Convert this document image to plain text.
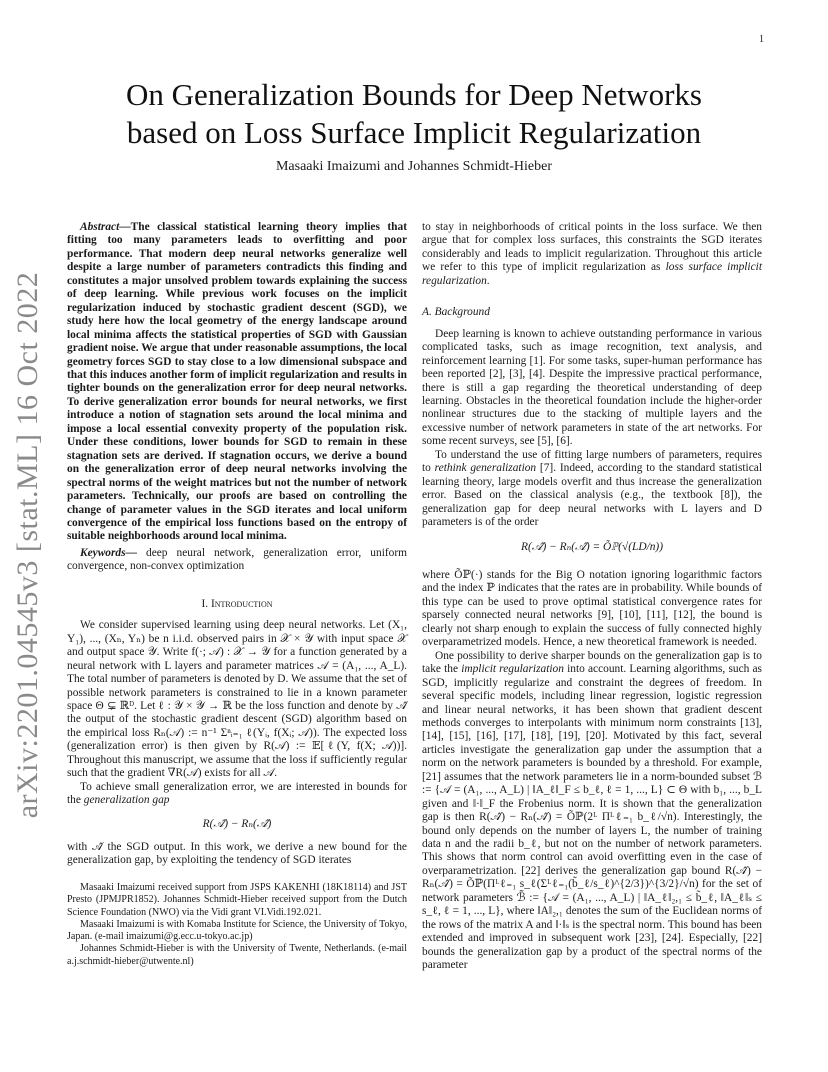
1
arXiv:2201.04545v3 [stat.ML] 16 Oct 2022
On Generalization Bounds for Deep Networks
based on Loss Surface Implicit Regularization
Masaaki Imaizumi and Johannes Schmidt-Hieber

Abstract—The classical statistical learning theory implies that fitting too many parameters leads to overfitting and poor performance. That modern deep neural networks generalize well despite a large number of parameters contradicts this finding and constitutes a major unsolved problem towards explaining the success of deep learning. While previous work focuses on the implicit regularization induced by stochastic gradient descent (SGD), we study here how the local geometry of the energy landscape around local minima affects the statistical properties of SGD with Gaussian gradient noise. We argue that under reasonable assumptions, the local geometry forces SGD to stay close to a low dimensional subspace and that this induces another form of implicit regularization and results in tighter bounds on the generalization error for deep neural networks. To derive generalization error bounds for neural networks, we first introduce a notion of stagnation sets around the local minima and impose a local essential convexity property of the population risk. Under these conditions, lower bounds for SGD to remain in these stagnation sets are derived. If stagnation occurs, we derive a bound on the generalization error of deep neural networks involving the spectral norms of the weight matrices but not the number of network parameters. Technically, our proofs are based on controlling the change of parameter values in the SGD iterates and local uniform convergence of the empirical loss functions based on the entropy of suitable neighborhoods around local minima.

Keywords— deep neural network, generalization error, uniform convergence, non-convex optimization

I. Introduction

We consider supervised learning using deep neural networks. Let (X₁, Y₁), ..., (Xₙ, Yₙ) be n i.i.d. observed pairs in 𝒳 × 𝒴 with input space 𝒳 and output space 𝒴. Write f(·; 𝒜) : 𝒳 → 𝒴 for a function generated by a neural network with L layers and parameter matrices 𝒜 = (A₁, ..., A_L). The total number of parameters is denoted by D. We assume that the set of possible network parameters is constrained to lie in a known parameter space Θ ⊊ ℝᴰ. Let ℓ : 𝒴 × 𝒴 → ℝ be the loss function and denote by 𝒜̂ the output of the stochastic gradient descent (SGD) algorithm based on the empirical loss Rₙ(𝒜) := n⁻¹ Σⁿᵢ₌₁ ℓ(Yᵢ, f(Xᵢ; 𝒜)). The expected loss (generalization error) is then given by R(𝒜) := 𝔼[ℓ(Y, f(X; 𝒜))]. Throughout this manuscript, we assume that the loss if sufficiently regular such that the gradient ∇R(𝒜) exists for all 𝒜.

To achieve small generalization error, we are interested in bounds for the generalization gap

R(𝒜̂) − Rₙ(𝒜̂)

with 𝒜̂ the SGD output. In this work, we derive a new bound for the generalization gap, by exploiting the tendency of SGD iterates

Masaaki Imaizumi received support from JSPS KAKENHI (18K18114) and JST Presto (JPMJPR1852). Johannes Schmidt-Hieber received support from the Dutch Science Foundation (NWO) via the Vidi grant VI.Vidi.192.021.

Masaaki Imaizumi is with Komaba Institute for Science, the University of Tokyo, Japan. (e-mail imaizumi@g.ecc.u-tokyo.ac.jp)

Johannes Schmidt-Hieber is with the University of Twente, Netherlands. (e-mail a.j.schmidt-hieber@utwente.nl)

to stay in neighborhoods of critical points in the loss surface. We then argue that for complex loss surfaces, this constraints the SGD iterates considerably and leads to implicit regularization. Throughout this article we refer to this type of implicit regularization as loss surface implicit regularization.

A. Background

Deep learning is known to achieve outstanding performance in various complicated tasks, such as image recognition, text analysis, and reinforcement learning [1]. For some tasks, super-human performance has been reported [2], [3], [4]. Despite the impressive practical performance, there is still a gap regarding the theoretical understanding of deep learning. Obstacles in the theoretical foundation include the higher-order nonlinear structures due to the stacking of multiple layers and the excessive number of network parameters in state of the art networks. For some recent surveys, see [5], [6].

To understand the use of fitting large numbers of parameters, requires to rethink generalization [7]. Indeed, according to the standard statistical learning theory, large models overfit and thus increase the generalization error. Based on the classical analysis (e.g., the textbook [8]), the generalization gap for deep neural networks with L layers and D parameters is of the order

R(𝒜̂) − Rₙ(𝒜̂) = Õℙ(√(LD/n))

where Õℙ(·) stands for the Big O notation ignoring logarithmic factors and the index ℙ indicates that the rates are in probability. While bounds of this type can be used to prove optimal statistical convergence rates for sparsely connected neural networks [9], [10], [11], [12], the bound is clearly not sharp enough to explain the success of fully connected highly overparametrized models. Hence, a new theoretical framework is needed.

One possibility to derive sharper bounds on the generalization gap is to take the implicit regularization into account. Learning algorithms, such as SGD, implicitly regularize and constraint the degrees of freedom. In several specific models, including linear regression, logistic regression and linear neural networks, it has been shown that gradient descent methods converges to interpolants with minimum norm constraints [13], [14], [15], [16], [17], [18], [19], [20]. Motivated by this fact, several articles investigate the generalization gap under the assumption that a norm on the network parameters is bounded by a threshold. For example, [21] assumes that the network parameters lie in a norm-bounded subset ℬ := {𝒜 = (A₁, ..., A_L) | ‖A_ℓ‖_F ≤ b_ℓ, ℓ = 1, ..., L} ⊂ Θ with b₁, ..., b_L given and ‖·‖_F the Frobenius norm. It is shown that the generalization gap is then R(𝒜̂) − Rₙ(𝒜̂) = Õℙ(2ᴸ Πᴸℓ₌₁ b_ℓ/√n). Interestingly, the bound only depends on the number of layers L, the number of training data n and the radii b_ℓ, but not on the number of network parameters. This shows that norm control can avoid overfitting even in the case of overparametrization. [22] derives the generalization gap bound R(𝒜̂) − Rₙ(𝒜̂) = Õℙ(Πᴸℓ₌₁ s_ℓ(Σᴸℓ₌₁(b̃_ℓ/s_ℓ)^{2/3})^{3/2}/√n) for the set of network parameters ℬ̃ := {𝒜 = (A₁, ..., A_L) | ‖A_ℓ‖₂,₁ ≤ b̃_ℓ, ‖A_ℓ‖ₛ ≤ s_ℓ, ℓ = 1, ..., L}, where ‖A‖₂,₁ denotes the sum of the Euclidean norms of the rows of the matrix A and ‖·‖ₛ is the spectral norm. This bound has been extended and improved in subsequent work [23], [24]. Especially, [22] bounds the generalization gap by a product of the spectral norms of the parameter
